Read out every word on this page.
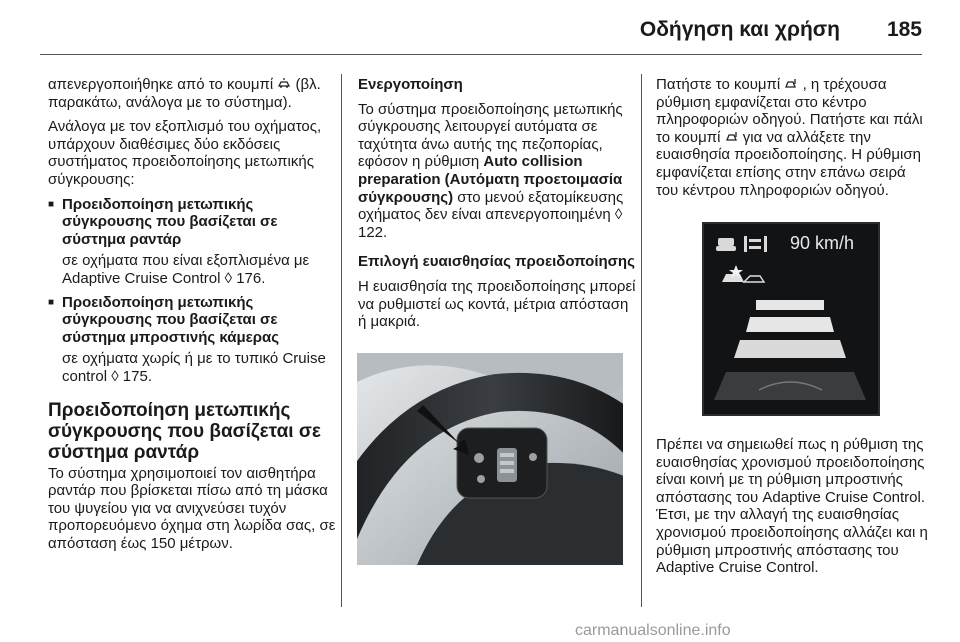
Οδήγηση και χρήση 185

απενεργοποιήθηκε από το κουμπί (βλ. παρακάτω, ανάλογα με το σύστημα).

Ανάλογα με τον εξοπλισμό του οχήματος, υπάρχουν διαθέσιμες δύο εκδόσεις συστήματος προειδοποίησης μετωπικής σύγκρουσης:

■ Προειδοποίηση μετωπικής σύγκρουσης που βασίζεται σε σύστημα ραντάρ
σε οχήματα που είναι εξοπλισμένα με Adaptive Cruise Control ◊ 176.
■ Προειδοποίηση μετωπικής σύγκρουσης που βασίζεται σε σύστημα μπροστινής κάμερας
σε οχήματα χωρίς ή με το τυπικό Cruise control ◊ 175.
Προειδοποίηση μετωπικής σύγκρουσης που βασίζεται σε σύστημα ραντάρ

Το σύστημα χρησιμοποιεί τον αισθητήρα ραντάρ που βρίσκεται πίσω από τη μάσκα του ψυγείου για να ανιχνεύσει τυχόν προπορευόμενο όχημα στη λωρίδα σας, σε απόσταση έως 150 μέτρων.

Ενεργοποίηση

Το σύστημα προειδοποίησης μετωπικής σύγκρουσης λειτουργεί αυτόματα σε ταχύτητα άνω αυτής της πεζοπορίας, εφόσον η ρύθμιση Auto collision preparation (Αυτόματη προετοιμασία σύγκρουσης) στο μενού εξατομίκευσης οχήματος δεν είναι απενεργοποιημένη ◊ 122.

Επιλογή ευαισθησίας προειδοποίησης

Η ευαισθησία της προειδοποίησης μπορεί να ρυθμιστεί ως κοντά, μέτρια απόσταση ή μακριά.

Πατήστε το κουμπί , η τρέχουσα ρύθμιση εμφανίζεται στο κέντρο πληροφοριών οδηγού. Πατήστε και πάλι το κουμπί για να αλλάξετε την ευαισθησία προειδοποίησης. Η ρύθμιση εμφανίζεται επίσης στην επάνω σειρά του κέντρου πληροφοριών οδηγού.

90 km/h

Πρέπει να σημειωθεί πως η ρύθμιση της ευαισθησίας χρονισμού προειδοποίησης είναι κοινή με τη ρύθμιση μπροστινής απόστασης του Adaptive Cruise Control. Έτσι, με την αλλαγή της ευαισθησίας χρονισμού προειδοποίησης αλλάζει και η ρύθμιση μπροστινής απόστασης του Adaptive Cruise Control.

carmanualsonline.info
